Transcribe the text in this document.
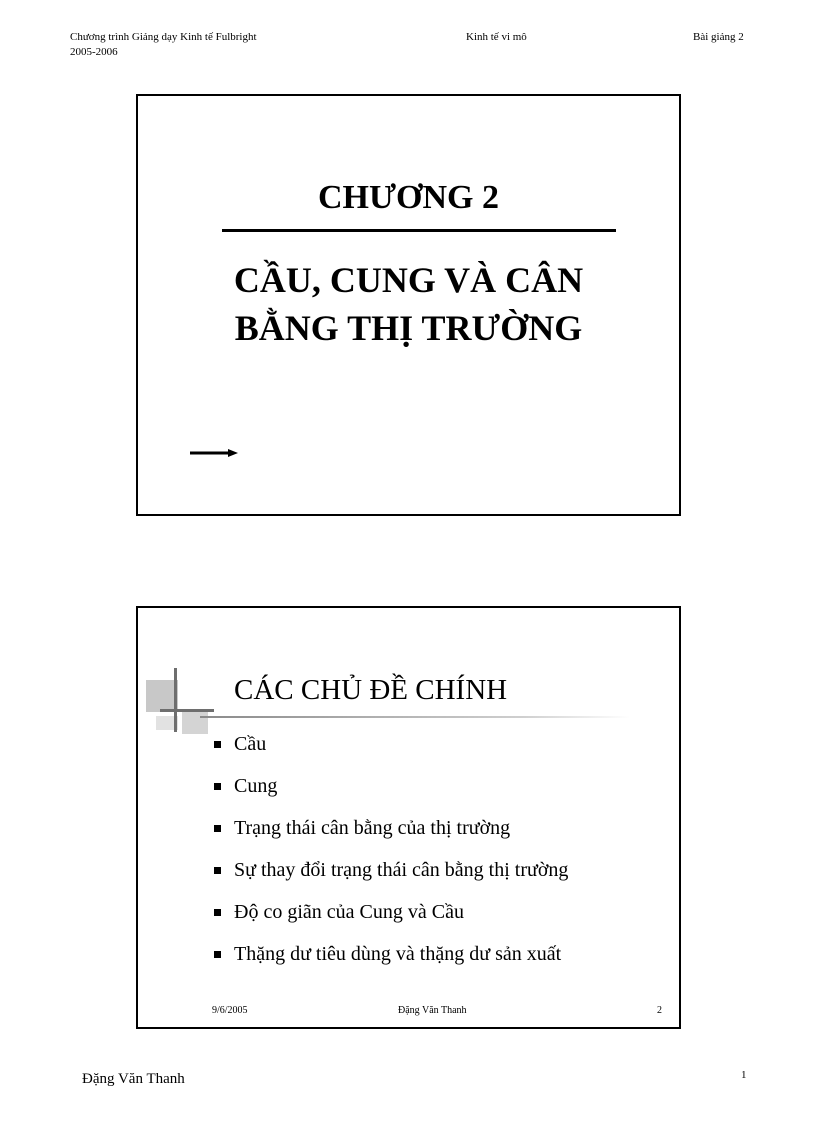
Chương trình Giảng dạy Kinh tế Fulbright
2005-2006
Kinh tế vi mô	Bài giảng 2
CHƯƠNG 2
CẦU, CUNG VÀ CÂN BẰNG THỊ TRƯỜNG
CÁC CHỦ ĐỀ CHÍNH
Cầu
Cung
Trạng thái cân bằng của thị trường
Sự thay đổi trạng thái cân bằng thị trường
Độ co giãn của Cung và Cầu
Thặng dư tiêu dùng và thặng dư sản xuất
9/6/2005	Đặng Văn Thanh	2
Đặng Văn Thanh	1
